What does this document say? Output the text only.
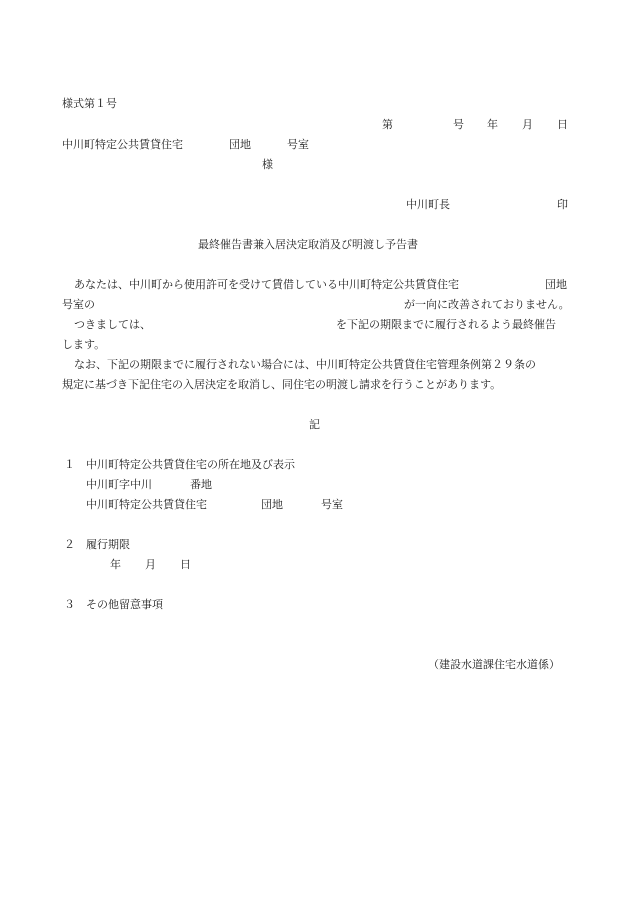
様式第１号
第	号 年 月 日
中川町特定公共賃貸住宅	団地	号室
様
中川町長	印
最終催告書兼入居決定取消及び明渡し予告書
あなたは、中川町から使用許可を受けて賃借している中川町特定公共賃貸住宅	団地
号室の	が一向に改善されておりません。
つきましては、	を下記の期限までに履行されるよう最終催告
します。
なお、下記の期限までに履行されない場合には、中川町特定公共賃貸住宅管理条例第２９条の
規定に基づき下記住宅の入居決定を取消し、同住宅の明渡し請求を行うことがあります。
記
１ 中川町特定公共賃貸住宅の所在地及び表示
中川町字中川	番地
中川町特定公共賃貸住宅	団地	号室
２ 履行期限
年 月 日
３ その他留意事項
（建設水道課住宅水道係）
